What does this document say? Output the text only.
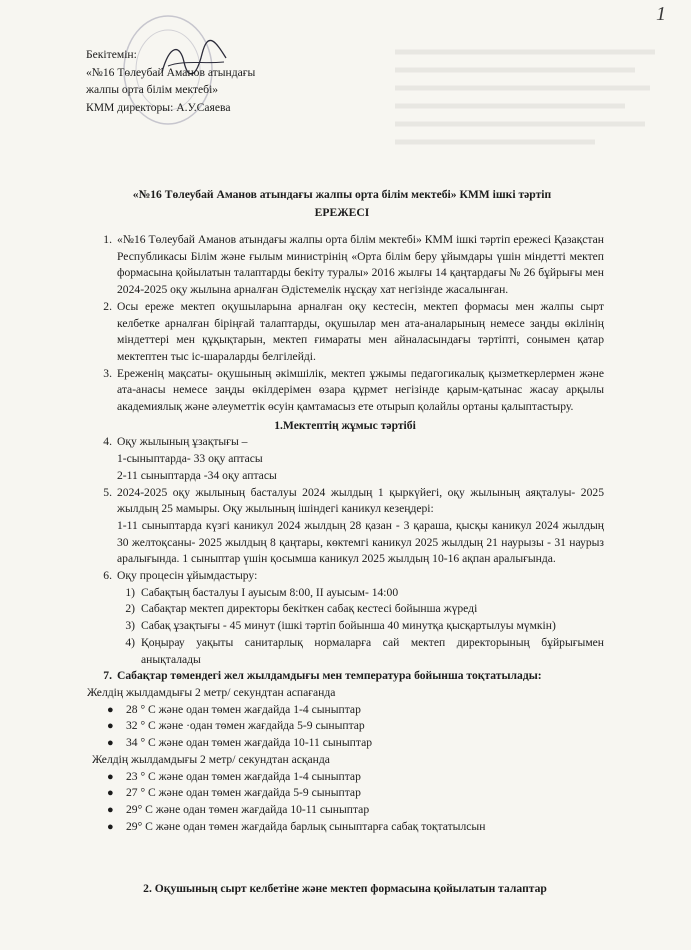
1
Бекітемін:
«№16 Төлеубай Аманов атындағы
жалпы орта білім мектебі»
КММ директоры: А.У.Саяева
«№16 Төлеубай Аманов атындағы жалпы орта білім мектебі» КММ ішкі тәртіп
ЕРЕЖЕСІ
1. «№16 Төлеубай Аманов атындағы жалпы орта білім мектебі» КММ ішкі тәртіп ережесі Қазақстан Республикасы Білім және ғылым министрінің «Орта білім беру ұйымдары үшін міндетті мектеп формасына қойылатын талаптарды бекіту туралы» 2016 жылғы 14 қаңтардағы № 26 бұйрығы мен 2024-2025 оқу жылына арналған Әдістемелік нұсқау хат негізінде жасалынған.

2. Осы ереже мектеп оқушыларына арналған оқу кестесін, мектеп формасы мен жалпы сырт келбетке арналған біріңғай талаптарды, оқушылар мен ата-аналарының немесе заңды өкілінің міндеттері мен құқықтарын, мектеп ғимараты мен айналасындағы тәртіпті, сонымен қатар мектептен тыс іс-шараларды белгілейді.

3. Ереженің мақсаты- оқушының әкімшілік, мектеп ұжымы педагогикалық қызметкерлермен және ата-анасы немесе заңды өкілдерімен өзара құрмет негізінде қарым-қатынас жасау арқылы академиялық және әлеуметтік өсуін қамтамасыз ете отырып қолайлы ортаны қалыптастыру.

1.Мектептің жұмыс тәртібі
4. Оқу жылының ұзақтығы –

1-сыныптарда- 33 оқу аптасы

2-11 сыныптарда -34 оқу аптасы

5. 2024-2025 оқу жылының басталуы 2024 жылдың 1 қыркүйегі, оқу жылының аяқталуы- 2025 жылдың 25 мамыры. Оқу жылының ішіндегі каникул кезеңдері:

1-11 сыныптарда күзгі каникул 2024 жылдың 28 қазан - 3 қараша, қысқы каникул 2024 жылдың 30 желтоқсаны- 2025 жылдың 8 қаңтары, көктемгі каникул 2025 жылдың 21 наурызы - 31 наурыз аралығында. 1 сыныптар үшін қосымша каникул 2025 жылдың 10-16 ақпан аралығында.

6. Оқу процесін ұйымдастыру:

1) Сабақтың басталуы I ауысым 8:00, II ауысым- 14:00
2) Сабақтар мектеп директоры бекіткен сабақ кестесі бойынша жүреді
3) Сабақ ұзақтығы - 45 минут (ішкі тәртіп бойынша 40 минутқа қысқартылуы мүмкін)
4) Қоңырау уақыты санитарлық нормаларға сай мектеп директорының бұйрығымен анықталады
7. Сабақтар төмендегі жел жылдамдығы мен температура бойынша тоқтатылады:

Желдің жылдамдығы 2 метр/ секундтан аспағанда
● 28 ° С және одан төмен жағдайда 1-4 сыныптар
● 32 ° С және ·одан төмен жағдайда 5-9 сыныптар
● 34 ° С және одан төмен жағдайда 10-11 сыныптар
Желдің жылдамдығы 2 метр/ секундтан асқанда
● 23 ° С және одан төмен жағдайда 1-4 сыныптар
● 27 ° С және одан төмен жағдайда 5-9 сыныптар
● 29° С және одан төмен жағдайда 10-11 сыныптар
● 29° С және одан төмен жағдайда барлық сыныптарға сабақ тоқтатылсын
2. Оқушының сырт келбетіне және мектеп формасына қойылатын талаптар
